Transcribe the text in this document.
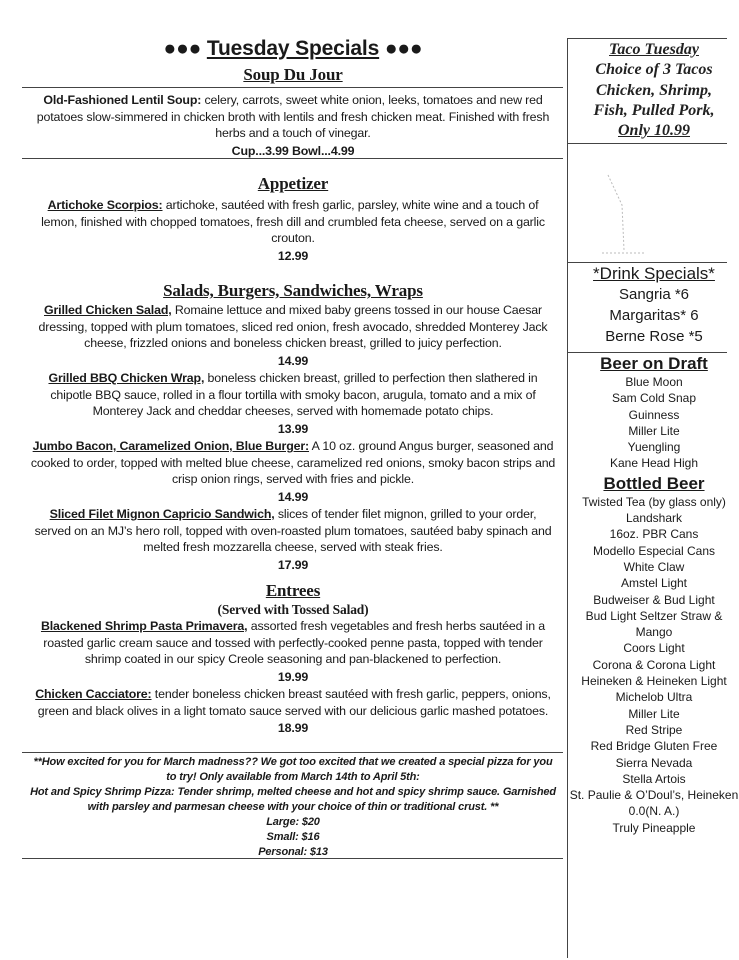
●●● Tuesday Specials ●●●
Soup Du Jour
Old-Fashioned Lentil Soup: celery, carrots, sweet white onion, leeks, tomatoes and new red potatoes slow-simmered in chicken broth with lentils and fresh chicken meat. Finished with fresh herbs and a touch of vinegar.
Cup...3.99 Bowl...4.99
Appetizer
Artichoke Scorpios: artichoke, sautéed with fresh garlic, parsley, white wine and a touch of lemon, finished with chopped tomatoes, fresh dill and crumbled feta cheese, served on a garlic crouton.
12.99
Salads, Burgers, Sandwiches, Wraps
Grilled Chicken Salad, Romaine lettuce and mixed baby greens tossed in our house Caesar dressing, topped with plum tomatoes, sliced red onion, fresh avocado, shredded Monterey Jack cheese, frizzled onions and boneless chicken breast, grilled to juicy perfection.
14.99
Grilled BBQ Chicken Wrap, boneless chicken breast, grilled to perfection then slathered in chipotle BBQ sauce, rolled in a flour tortilla with smoky bacon, arugula, tomato and a mix of Monterey Jack and cheddar cheeses, served with homemade potato chips.
13.99
Jumbo Bacon, Caramelized Onion, Blue Burger: A 10 oz. ground Angus burger, seasoned and cooked to order, topped with melted blue cheese, caramelized red onions, smoky bacon strips and crisp onion rings, served with fries and pickle.
14.99
Sliced Filet Mignon Capricio Sandwich, slices of tender filet mignon, grilled to your order, served on an MJ’s hero roll, topped with oven-roasted plum tomatoes, sautéed baby spinach and melted fresh mozzarella cheese, served with steak fries.
17.99
Entrees
(Served with Tossed Salad)
Blackened Shrimp Pasta Primavera, assorted fresh vegetables and fresh herbs sautéed in a roasted garlic cream sauce and tossed with perfectly-cooked penne pasta, topped with tender shrimp coated in our spicy Creole seasoning and pan-blackened to perfection.
19.99
Chicken Cacciatore: tender boneless chicken breast sautéed with fresh garlic, peppers, onions, green and black olives in a light tomato sauce served with our delicious garlic mashed potatoes.
18.99
**How excited for you for March madness?? We got too excited that we created a special pizza for you to try! Only available from March 14th to April 5th:
Hot and Spicy Shrimp Pizza: Tender shrimp, melted cheese and hot and spicy shrimp sauce. Garnished with parsley and parmesan cheese with your choice of thin or traditional crust. **
Large: $20
Small: $16
Personal: $13
Taco Tuesday
Choice of 3 Tacos
Chicken, Shrimp,
Fish, Pulled Pork,
Only 10.99
*Drink Specials*
Sangria *6
Margaritas* 6
Berne Rose *5
Beer on Draft
Blue Moon
Sam Cold Snap
Guinness
Miller Lite
Yuengling
Kane Head High
Bottled Beer
Twisted Tea (by glass only)
Landshark
16oz. PBR Cans
Modello Especial Cans
White Claw
Amstel Light
Budweiser & Bud Light
Bud Light Seltzer Straw & Mango
Coors Light
Corona & Corona Light
Heineken & Heineken Light
Michelob Ultra
Miller Lite
Red Stripe
Red Bridge Gluten Free
Sierra Nevada
Stella Artois
St. Paulie & O’Doul’s, Heineken 0.0(N. A.)
Truly Pineapple
